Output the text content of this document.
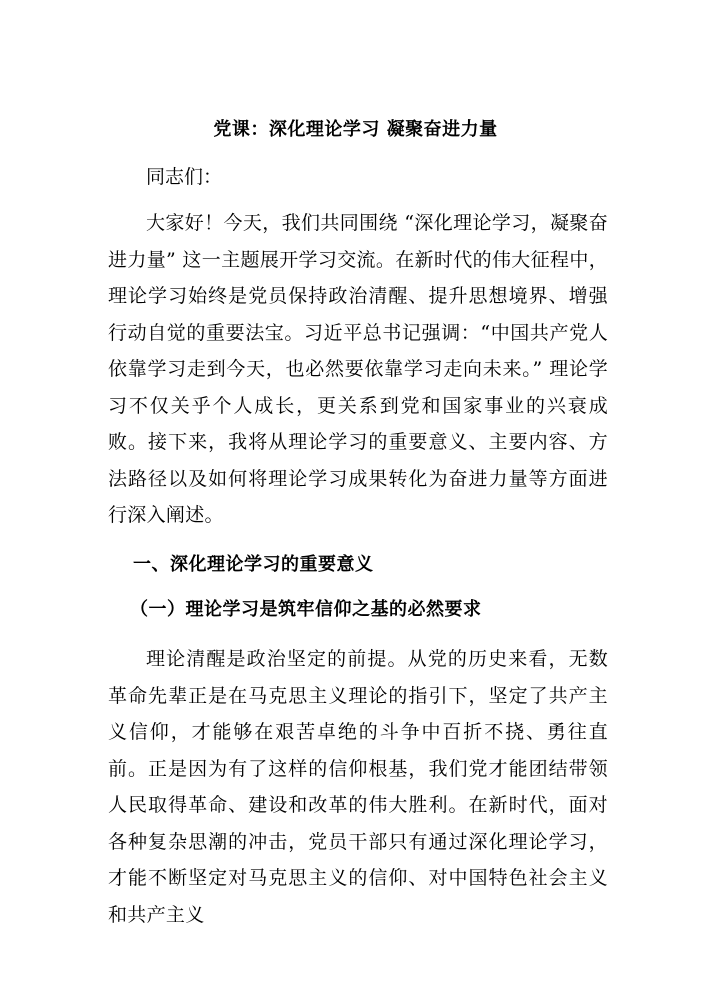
党课：深化理论学习 凝聚奋进力量
同志们：
大家好！今天，我们共同围绕 “深化理论学习，凝聚奋进力量” 这一主题展开学习交流。在新时代的伟大征程中，理论学习始终是党员保持政治清醒、提升思想境界、增强行动自觉的重要法宝。习近平总书记强调：“中国共产党人依靠学习走到今天，也必然要依靠学习走向未来。” 理论学习不仅关乎个人成长，更关系到党和国家事业的兴衰成败。接下来，我将从理论学习的重要意义、主要内容、方法路径以及如何将理论学习成果转化为奋进力量等方面进行深入阐述。
一、深化理论学习的重要意义
（一）理论学习是筑牢信仰之基的必然要求
理论清醒是政治坚定的前提。从党的历史来看，无数革命先辈正是在马克思主义理论的指引下，坚定了共产主义信仰，才能够在艰苦卓绝的斗争中百折不挠、勇往直前。正是因为有了这样的信仰根基，我们党才能团结带领人民取得革命、建设和改革的伟大胜利。在新时代，面对各种复杂思潮的冲击，党员干部只有通过深化理论学习，才能不断坚定对马克思主义的信仰、对中国特色社会主义和共产主义
